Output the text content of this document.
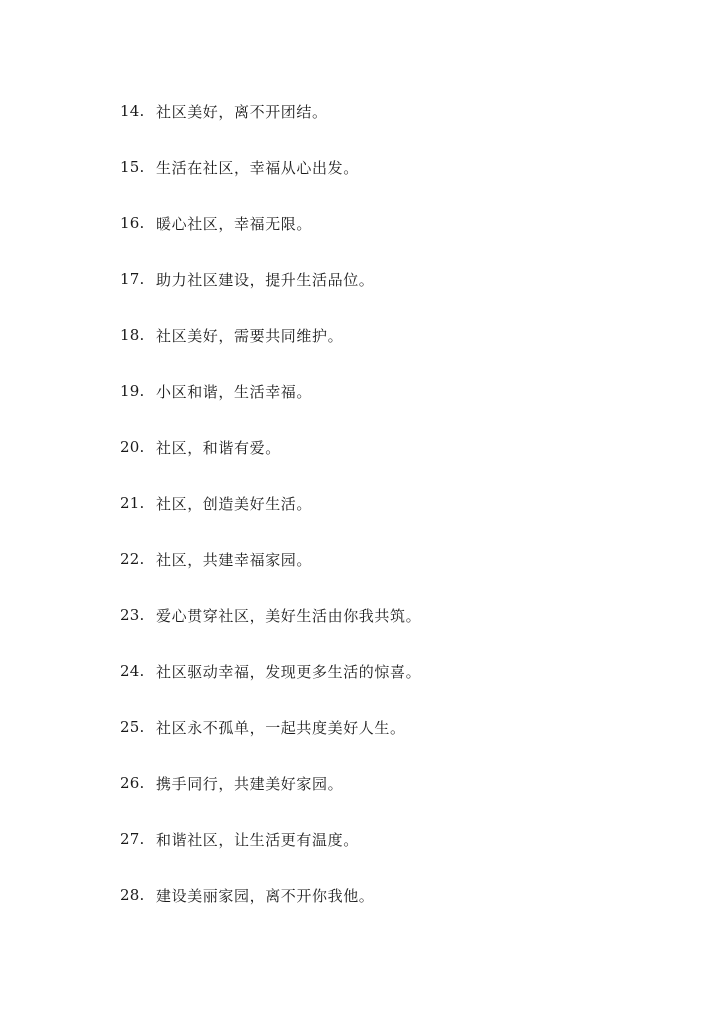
14. 社区美好，离不开团结。
15. 生活在社区，幸福从心出发。
16. 暖心社区，幸福无限。
17. 助力社区建设，提升生活品位。
18. 社区美好，需要共同维护。
19. 小区和谐，生活幸福。
20. 社区，和谐有爱。
21. 社区，创造美好生活。
22. 社区，共建幸福家园。
23. 爱心贯穿社区，美好生活由你我共筑。
24. 社区驱动幸福，发现更多生活的惊喜。
25. 社区永不孤单，一起共度美好人生。
26. 携手同行，共建美好家园。
27. 和谐社区，让生活更有温度。
28. 建设美丽家园，离不开你我他。
